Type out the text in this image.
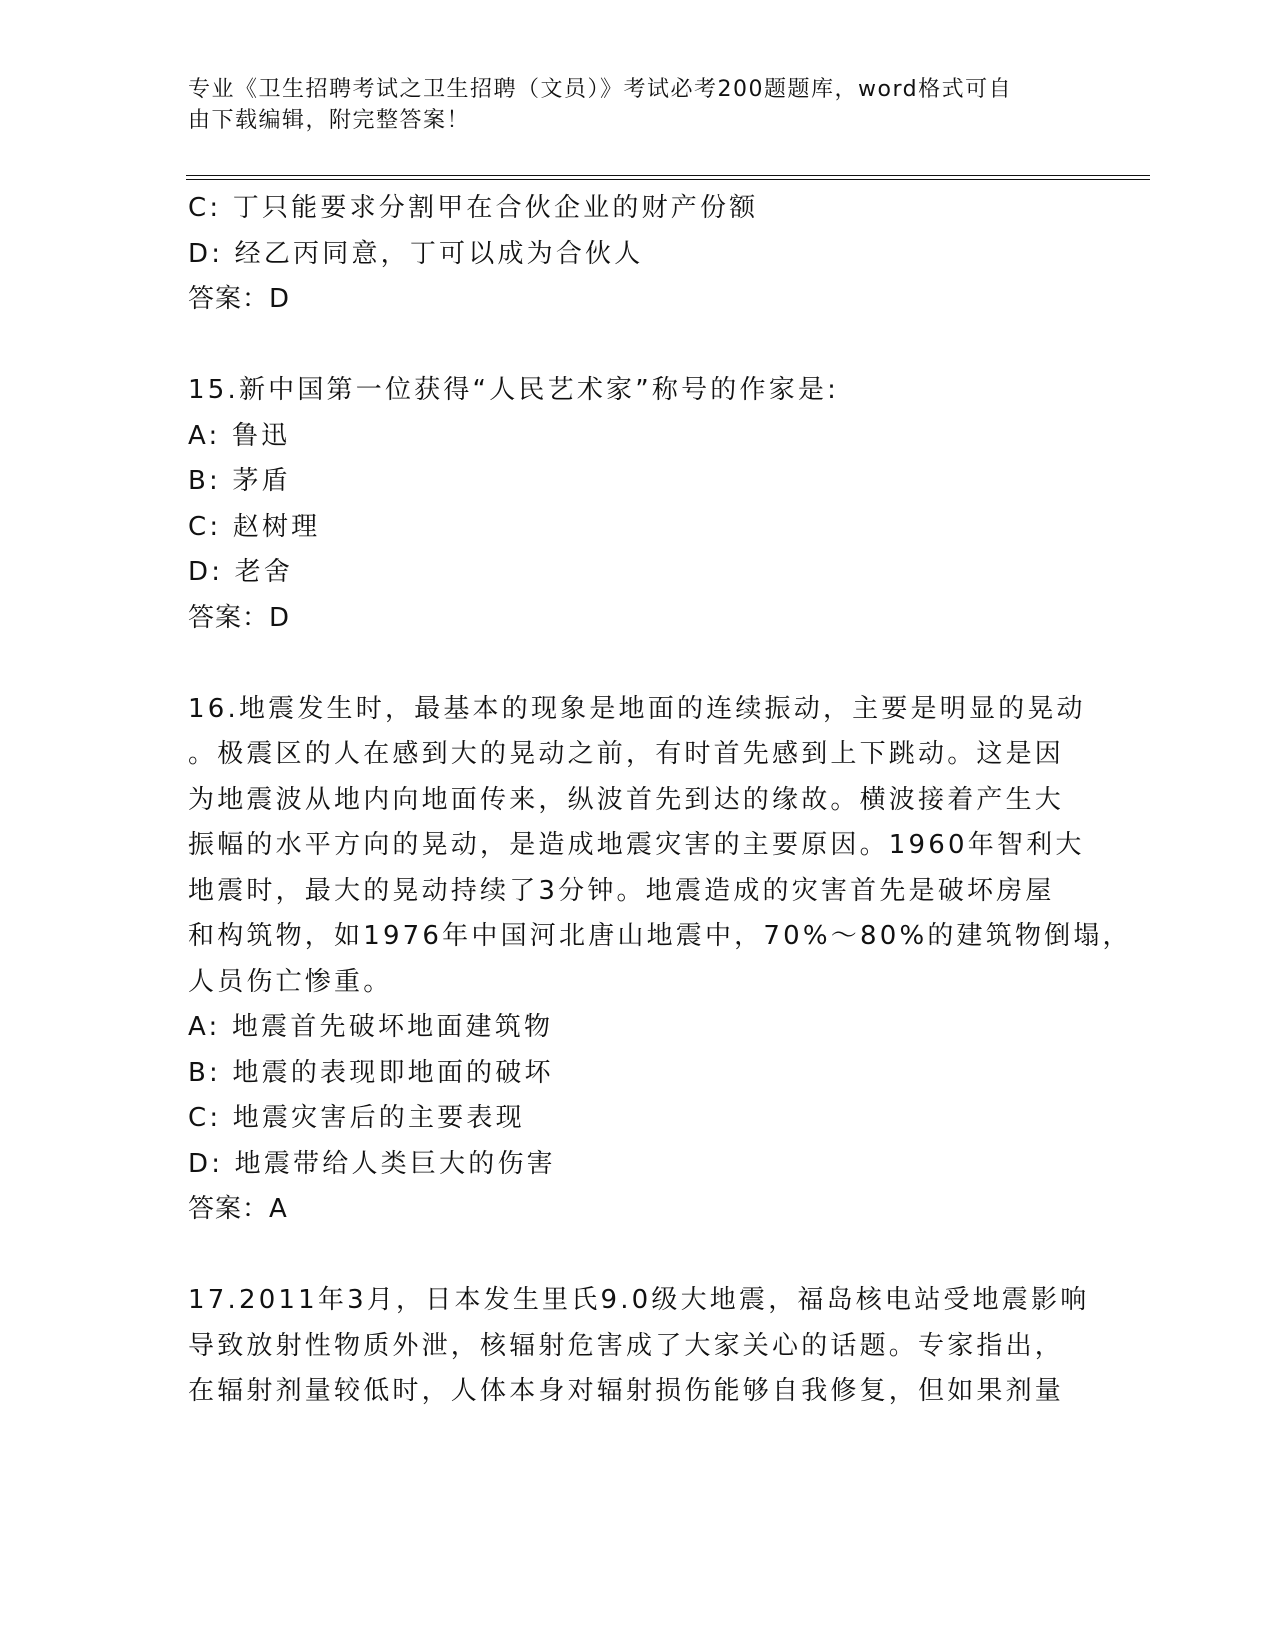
专业《卫生招聘考试之卫生招聘（文员）》考试必考200题题库，word格式可自
由下载编辑，附完整答案！
C: 丁只能要求分割甲在合伙企业的财产份额
D: 经乙丙同意，丁可以成为合伙人
答案：D
15.新中国第一位获得“人民艺术家”称号的作家是:
A: 鲁迅
B: 茅盾
C: 赵树理
D: 老舍
答案：D
16.地震发生时，最基本的现象是地面的连续振动，主要是明显的晃动
。极震区的人在感到大的晃动之前，有时首先感到上下跳动。这是因
为地震波从地内向地面传来，纵波首先到达的缘故。横波接着产生大
振幅的水平方向的晃动，是造成地震灾害的主要原因。1960年智利大
地震时，最大的晃动持续了3分钟。地震造成的灾害首先是破坏房屋
和构筑物，如1976年中国河北唐山地震中，70%～80%的建筑物倒塌，
人员伤亡惨重。
A: 地震首先破坏地面建筑物
B: 地震的表现即地面的破坏
C: 地震灾害后的主要表现
D: 地震带给人类巨大的伤害
答案：A
17.2011年3月，日本发生里氏9.0级大地震，福岛核电站受地震影响
导致放射性物质外泄，核辐射危害成了大家关心的话题。专家指出，
在辐射剂量较低时，人体本身对辐射损伤能够自我修复，但如果剂量
